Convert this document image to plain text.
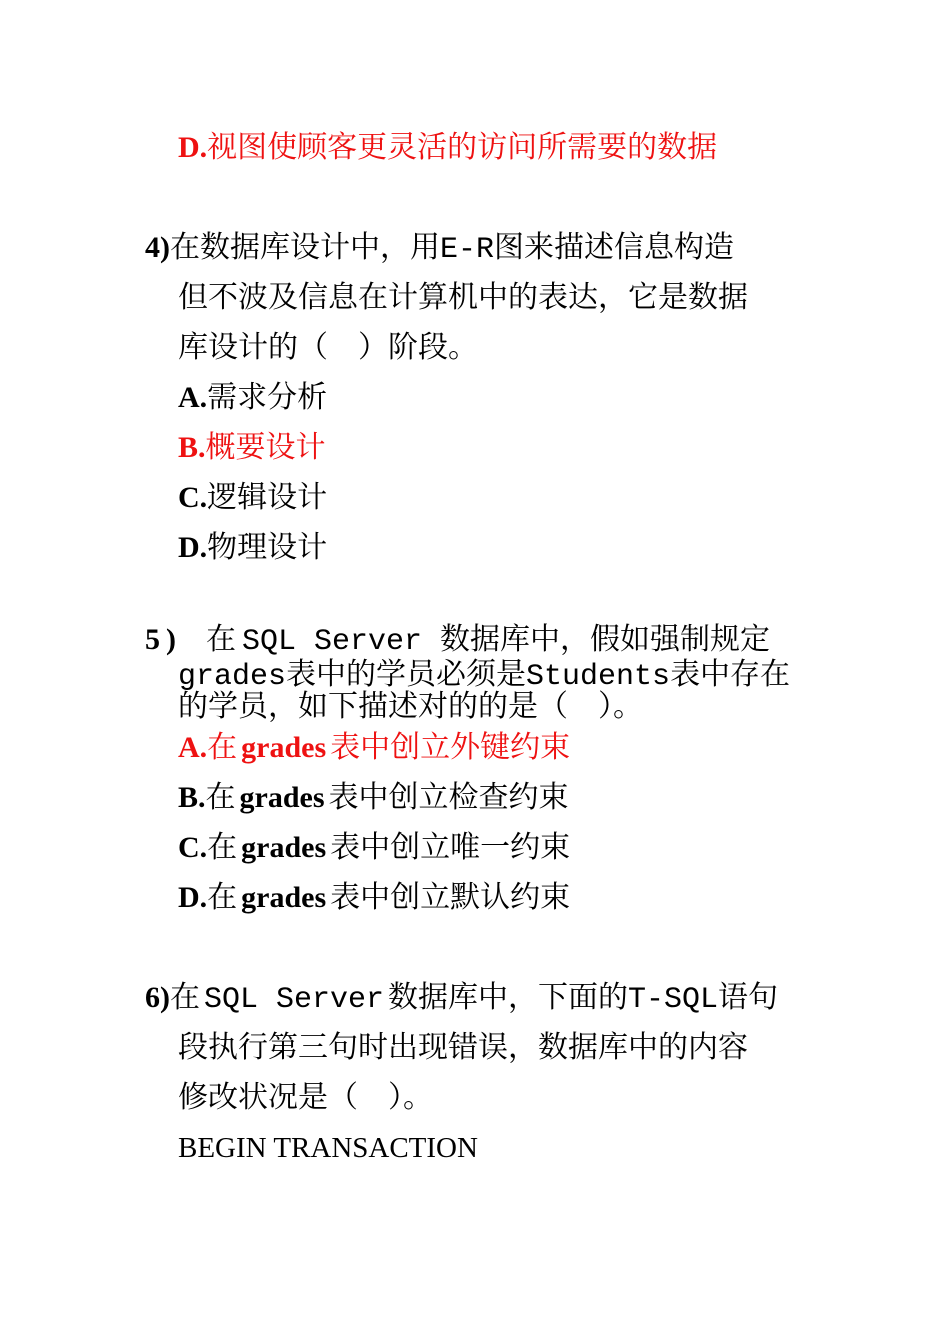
D.视图使顾客更灵活的访问所需要的数据
4)在数据库设计中，用E-R图来描述信息构造
但不波及信息在计算机中的表达，它是数据
库设计的（　）阶段。
A.需求分析
B.概要设计
C.逻辑设计
D.物理设计
5) 在 SQL Server 数据库中，假如强制规定
grades表中的学员必须是Students表中存在
的学员，如下描述对的的是（　）。
A.在 grades 表中创立外键约束
B.在 grades 表中创立检查约束
C.在 grades 表中创立唯一约束
D.在 grades 表中创立默认约束
6)在 SQL Server 数据库中，下面的T-SQL语句
段执行第三句时出现错误，数据库中的内容
修改状况是（　）。
BEGIN TRANSACTION
